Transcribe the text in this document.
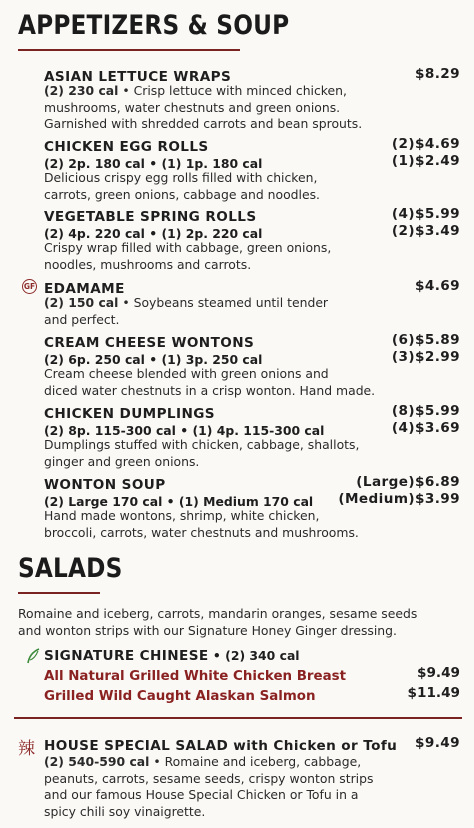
APPETIZERS & SOUP
ASIAN LETTUCE WRAPS	$8.29
(2) 230 cal • Crisp lettuce with minced chicken,
mushrooms, water chestnuts and green onions.
Garnished with shredded carrots and bean sprouts.
CHICKEN EGG ROLLS	(2)$4.69
(2) 2p. 180 cal • (1) 1p. 180 cal	(1)$2.49
Delicious crispy egg rolls filled with chicken,
carrots, green onions, cabbage and noodles.
VEGETABLE SPRING ROLLS	(4)$5.99
(2) 4p. 220 cal • (1) 2p. 220 cal	(2)$3.49
Crispy wrap filled with cabbage, green onions,
noodles, mushrooms and carrots.
GF EDAMAME	$4.69
(2) 150 cal • Soybeans steamed until tender
and perfect.
CREAM CHEESE WONTONS	(6)$5.89
(2) 6p. 250 cal • (1) 3p. 250 cal	(3)$2.99
Cream cheese blended with green onions and
diced water chestnuts in a crisp wonton. Hand made.
CHICKEN DUMPLINGS	(8)$5.99
(2) 8p. 115-300 cal • (1) 4p. 115-300 cal	(4)$3.69
Dumplings stuffed with chicken, cabbage, shallots,
ginger and green onions.
WONTON SOUP	(Large)$6.89
(2) Large 170 cal • (1) Medium 170 cal (Medium)$3.99
Hand made wontons, shrimp, white chicken,
broccoli, carrots, water chestnuts and mushrooms.
SALADS
Romaine and iceberg, carrots, mandarin oranges, sesame seeds
and wonton strips with our Signature Honey Ginger dressing.
SIGNATURE CHINESE • (2) 340 cal
All Natural Grilled White Chicken Breast	$9.49
Grilled Wild Caught Alaskan Salmon	$11.49
辣 HOUSE SPECIAL SALAD with Chicken or Tofu $9.49
(2) 540-590 cal • Romaine and iceberg, cabbage,
peanuts, carrots, sesame seeds, crispy wonton strips
and our famous House Special Chicken or Tofu in a
spicy chili soy vinaigrette.
